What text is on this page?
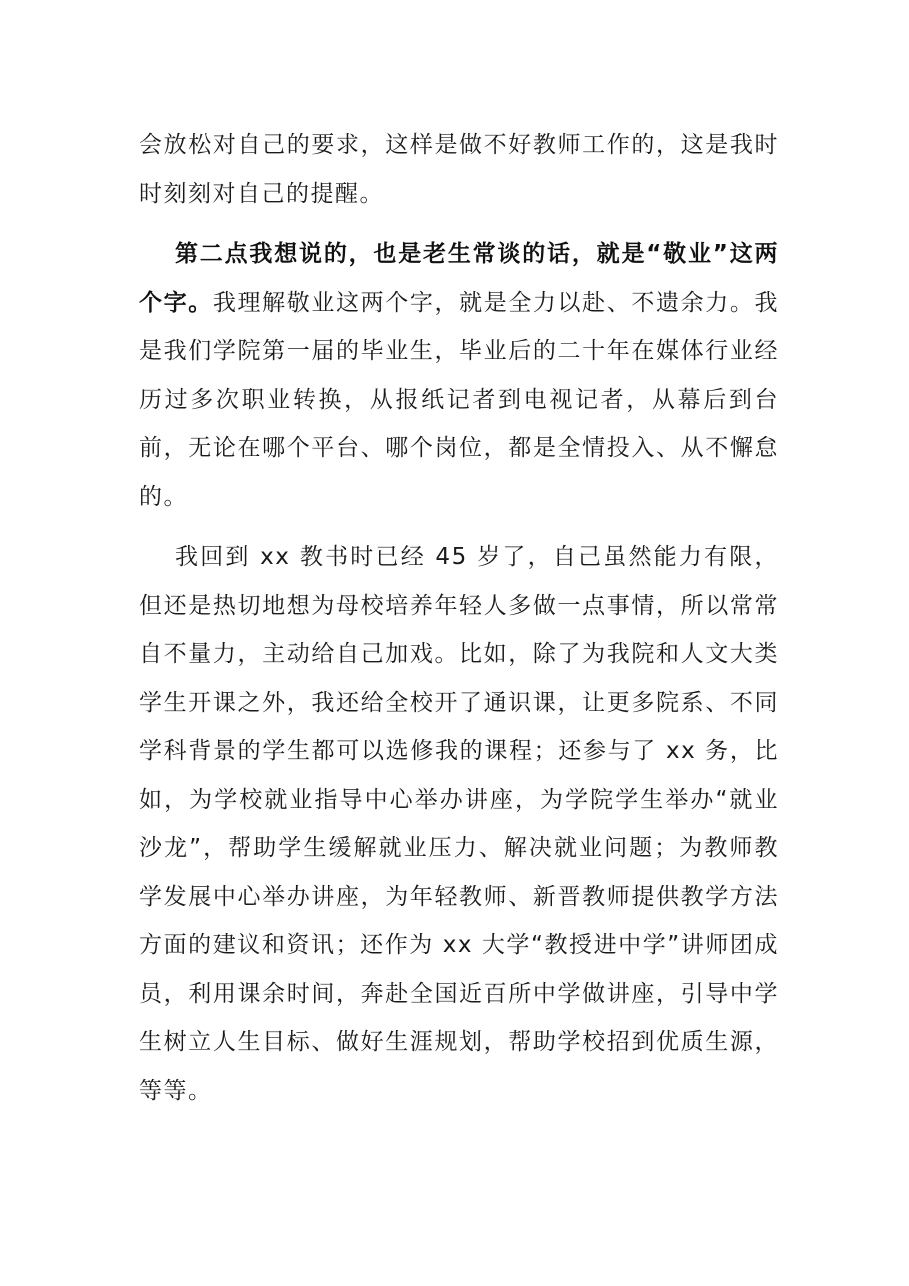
会放松对自己的要求，这样是做不好教师工作的，这是我时时刻刻对自己的提醒。

第二点我想说的，也是老生常谈的话，就是“敬业”这两个字。我理解敬业这两个字，就是全力以赴、不遗余力。我是我们学院第一届的毕业生，毕业后的二十年在媒体行业经历过多次职业转换，从报纸记者到电视记者，从幕后到台前，无论在哪个平台、哪个岗位，都是全情投入、从不懈怠的。

我回到 xx 教书时已经 45 岁了，自己虽然能力有限，但还是热切地想为母校培养年轻人多做一点事情，所以常常自不量力，主动给自己加戏。比如，除了为我院和人文大类学生开课之外，我还给全校开了通识课，让更多院系、不同学科背景的学生都可以选修我的课程；还参与了 xx 务，比如，为学校就业指导中心举办讲座，为学院学生举办“就业沙龙”，帮助学生缓解就业压力、解决就业问题；为教师教学发展中心举办讲座，为年轻教师、新晋教师提供教学方法方面的建议和资讯；还作为 xx 大学“教授进中学”讲师团成员，利用课余时间，奔赴全国近百所中学做讲座，引导中学生树立人生目标、做好生涯规划，帮助学校招到优质生源，等等。
